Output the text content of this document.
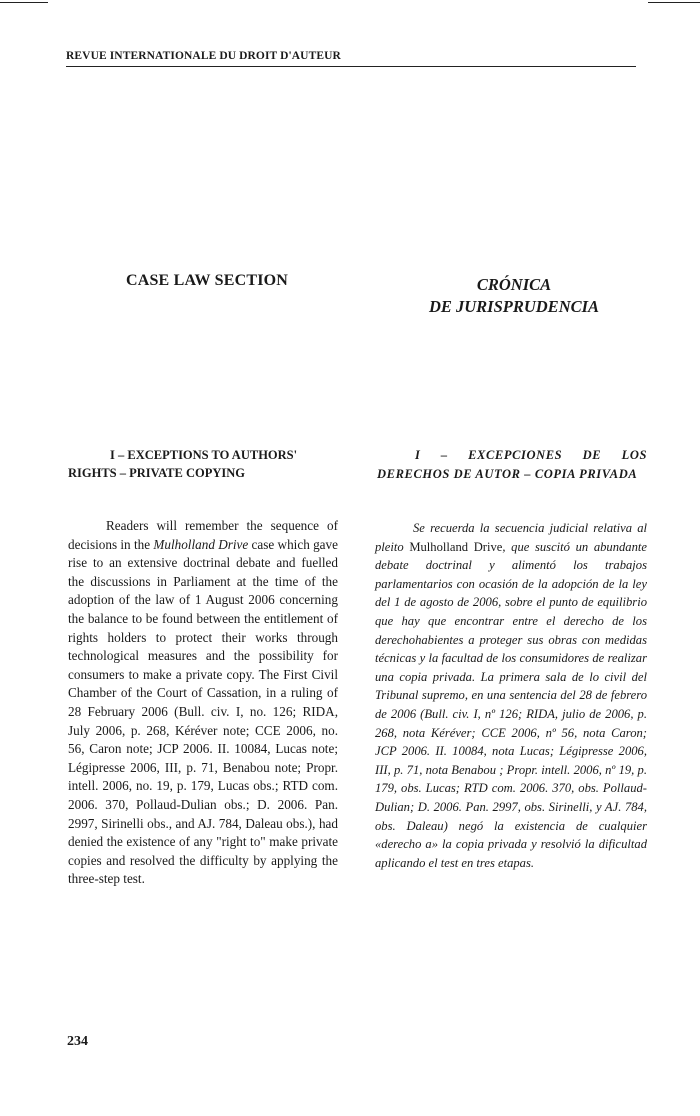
REVUE INTERNATIONALE DU DROIT D'AUTEUR
CASE LAW SECTION	CRÓNICA
DE JURISPRUDENCIA
I – EXCEPTIONS TO AUTHORS'
RIGHTS – PRIVATE COPYING
I – EXCEPCIONES DE LOS
DERECHOS DE AUTOR – COPIA PRIVADA
Readers will remember the sequence of decisions in the Mulholland Drive case which gave rise to an extensive doctrinal debate and fuelled the discussions in Parliament at the time of the adoption of the law of 1 August 2006 concerning the balance to be found between the entitlement of rights holders to protect their works through technological measures and the possibility for consumers to make a private copy. The First Civil Chamber of the Court of Cassation, in a ruling of 28 February 2006 (Bull. civ. I, no. 126; RIDA, July 2006, p. 268, Kéréver note; CCE 2006, no. 56, Caron note; JCP 2006. II. 10084, Lucas note; Légipresse 2006, III, p. 71, Benabou note; Propr. intell. 2006, no. 19, p. 179, Lucas obs.; RTD com. 2006. 370, Pollaud-Dulian obs.; D. 2006. Pan. 2997, Sirinelli obs., and AJ. 784, Daleau obs.), had denied the existence of any "right to" make private copies and resolved the difficulty by applying the three-step test.
Se recuerda la secuencia judicial relativa al pleito Mulholland Drive, que suscitó un abundante debate doctrinal y alimentó los trabajos parlamentarios con ocasión de la adopción de la ley del 1 de agosto de 2006, sobre el punto de equilibrio que hay que encontrar entre el derecho de los derechohabientes a proteger sus obras con medidas técnicas y la facultad de los consumidores de realizar una copia privada. La primera sala de lo civil del Tribunal supremo, en una sentencia del 28 de febrero de 2006 (Bull. civ. I, nº 126; RIDA, julio de 2006, p. 268, nota Kéréver; CCE 2006, nº 56, nota Caron; JCP 2006. II. 10084, nota Lucas; Légipresse 2006, III, p. 71, nota Benabou ; Propr. intell. 2006, nº 19, p. 179, obs. Lucas; RTD com. 2006. 370, obs. Pollaud-Dulian; D. 2006. Pan. 2997, obs. Sirinelli, y AJ. 784, obs. Daleau) negó la existencia de cualquier «derecho a» la copia privada y resolvió la dificultad aplicando el test en tres etapas.
234
